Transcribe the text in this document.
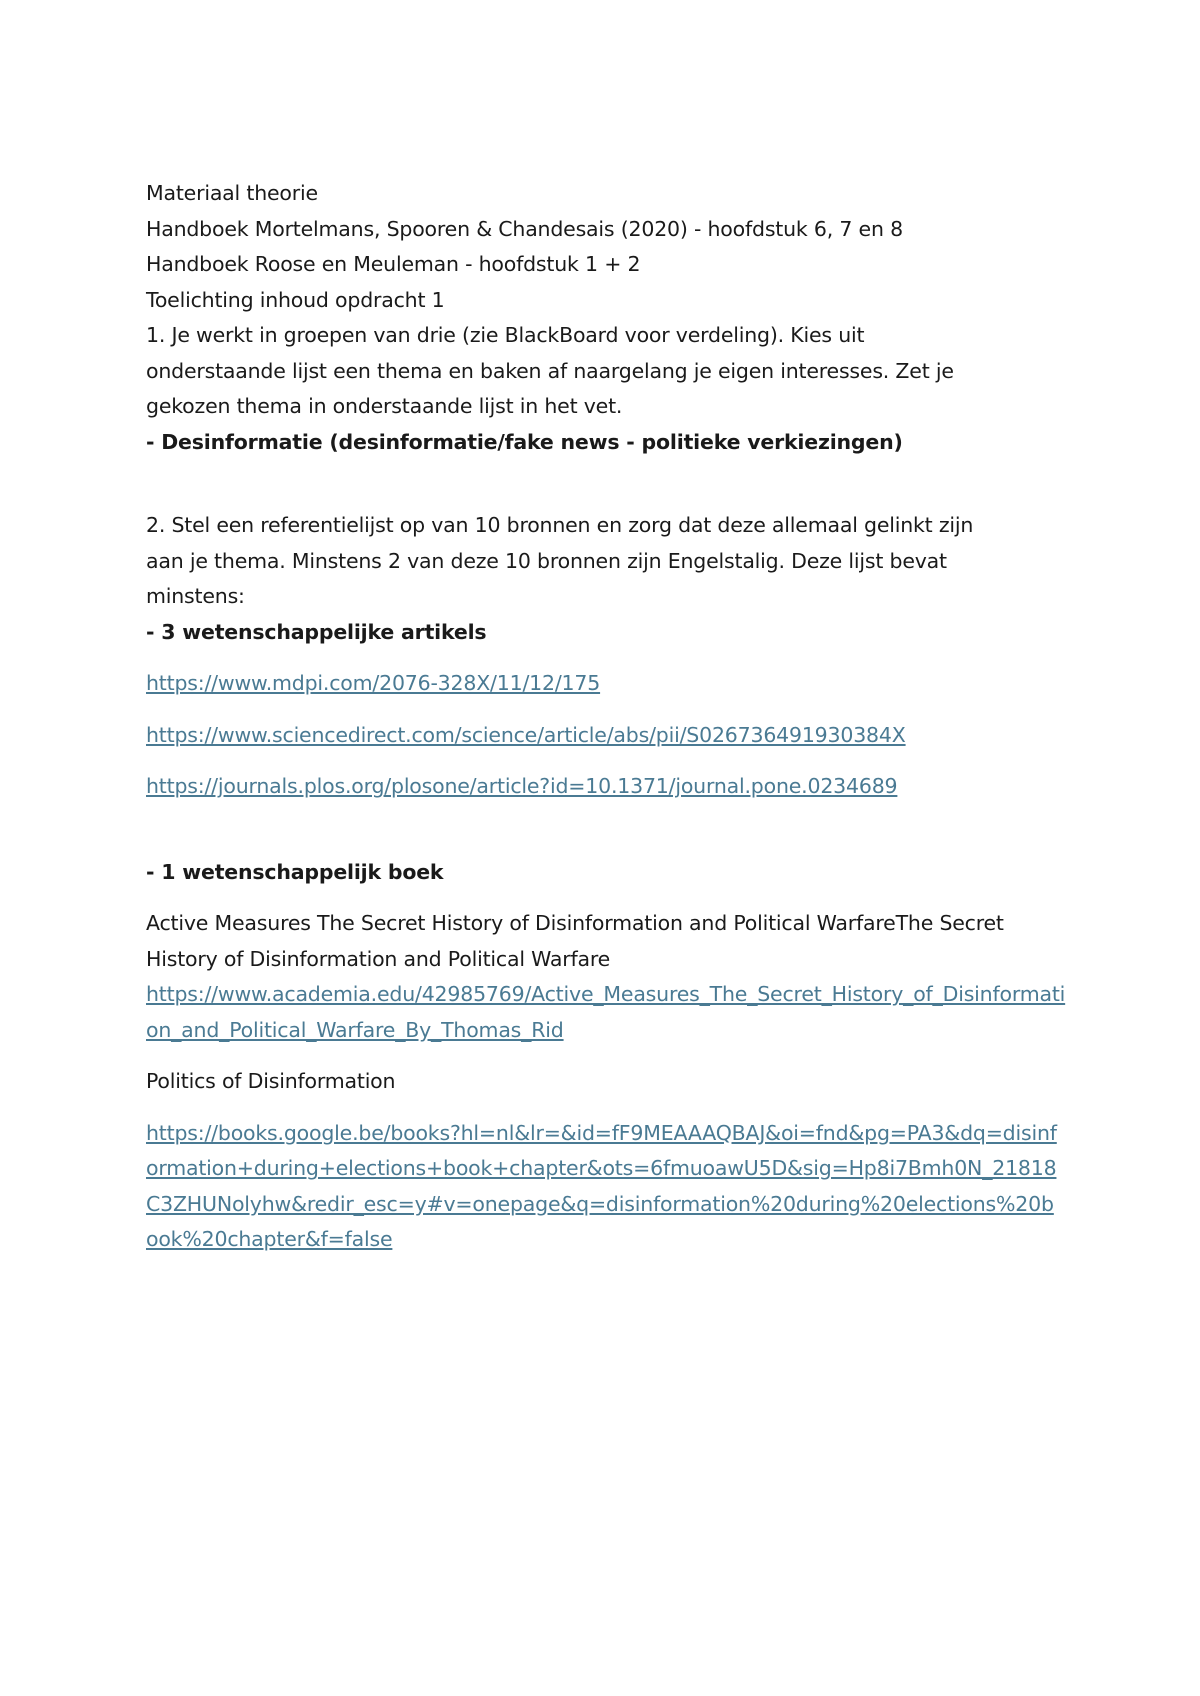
Materiaal theorie
Handboek Mortelmans, Spooren & Chandesais (2020) - hoofdstuk 6, 7 en 8
Handboek Roose en Meuleman - hoofdstuk 1 + 2
Toelichting inhoud opdracht 1
1. Je werkt in groepen van drie (zie BlackBoard voor verdeling). Kies uit onderstaande lijst een thema en baken af naargelang je eigen interesses. Zet je gekozen thema in onderstaande lijst in het vet.
- Desinformatie (desinformatie/fake news - politieke verkiezingen)
2. Stel een referentielijst op van 10 bronnen en zorg dat deze allemaal gelinkt zijn aan je thema. Minstens 2 van deze 10 bronnen zijn Engelstalig. Deze lijst bevat minstens:
- 3 wetenschappelijke artikels
https://www.mdpi.com/2076-328X/11/12/175
https://www.sciencedirect.com/science/article/abs/pii/S026736491930384X
https://journals.plos.org/plosone/article?id=10.1371/journal.pone.0234689
- 1 wetenschappelijk boek
Active Measures The Secret History of Disinformation and Political WarfareThe Secret History of Disinformation and Political Warfare
https://www.academia.edu/42985769/Active_Measures_The_Secret_History_of_Disinformation_and_Political_Warfare_By_Thomas_Rid
Politics of Disinformation
https://books.google.be/books?hl=nl&lr=&id=fF9MEAAAQBAJ&oi=fnd&pg=PA3&dq=disinformation+during+elections+book+chapter&ots=6fmuoawU5D&sig=Hp8i7Bmh0N_21818C3ZHUNolyhw&redir_esc=y#v=onepage&q=disinformation%20during%20elections%20book%20chapter&f=false
